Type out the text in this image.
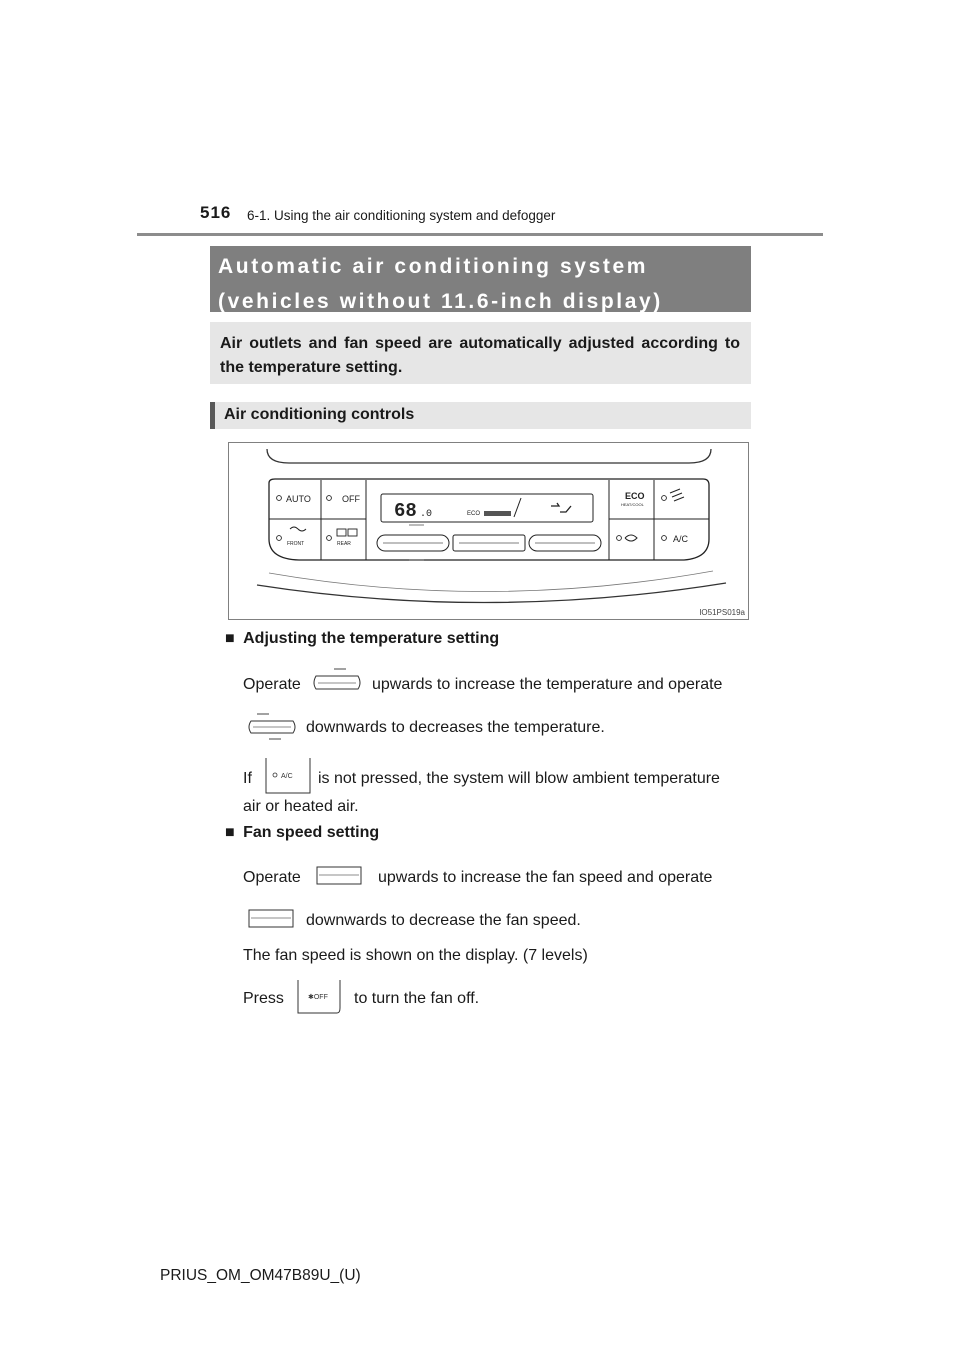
516 6-1. Using the air conditioning system and defogger
Automatic air conditioning system
(vehicles without 11.6-inch display)
Air outlets and fan speed are automatically adjusted according to the temperature setting.
Air conditioning controls
AUTO	OFF
FRONT	REAR
68 .0	ECO
ECO
HEAT/COOL
A/C
IO51PS019a
■ Adjusting the temperature setting
Operate	upwards to increase the temperature and operate
downwards to decreases the temperature.
If	A/C is not pressed, the system will blow ambient temperature
air or heated air.
■ Fan speed setting
Operate	upwards to increase the fan speed and operate
downwards to decrease the fan speed.
The fan speed is shown on the display. (7 levels)
Press	✱OFF to turn the fan off.
PRIUS_OM_OM47B89U_(U)
